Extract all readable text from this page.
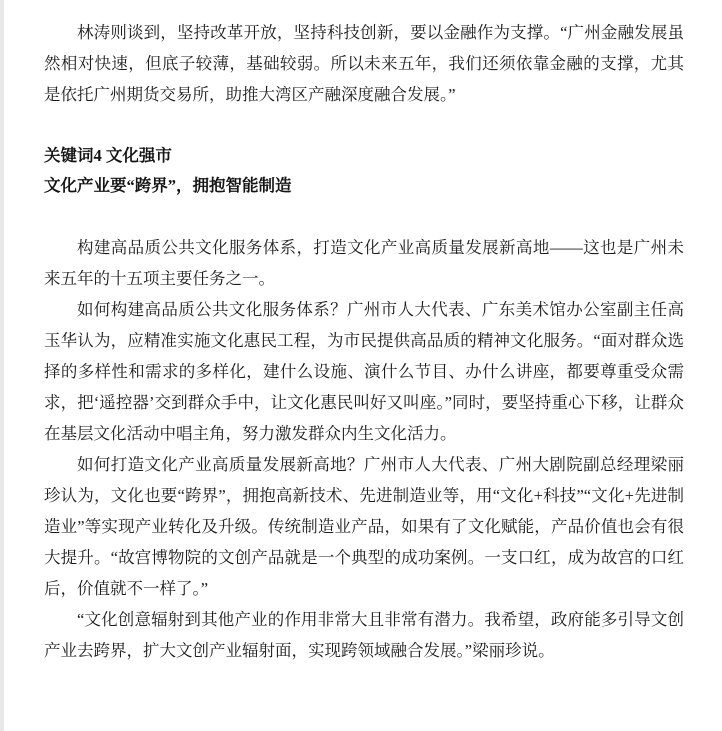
林涛则谈到，坚持改革开放，坚持科技创新，要以金融作为支撑。“广州金融发展虽然相对快速，但底子较薄，基础较弱。所以未来五年，我们还须依靠金融的支撑，尤其是依托广州期货交易所，助推大湾区产融深度融合发展。”

关键词4 文化强市

文化产业要“跨界”，拥抱智能制造

构建高品质公共文化服务体系，打造文化产业高质量发展新高地——这也是广州未来五年的十五项主要任务之一。

如何构建高品质公共文化服务体系？广州市人大代表、广东美术馆办公室副主任高玉华认为，应精准实施文化惠民工程，为市民提供高品质的精神文化服务。“面对群众选择的多样性和需求的多样化，建什么设施、演什么节目、办什么讲座，都要尊重受众需求，把‘遥控器’交到群众手中，让文化惠民叫好又叫座。”同时，要坚持重心下移，让群众在基层文化活动中唱主角，努力激发群众内生文化活力。

如何打造文化产业高质量发展新高地？广州市人大代表、广州大剧院副总经理梁丽珍认为，文化也要“跨界”，拥抱高新技术、先进制造业等，用“文化+科技”“文化+先进制造业”等实现产业转化及升级。传统制造业产品，如果有了文化赋能，产品价值也会有很大提升。“故宫博物院的文创产品就是一个典型的成功案例。一支口红，成为故宫的口红后，价值就不一样了。”

“文化创意辐射到其他产业的作用非常大且非常有潜力。我希望，政府能多引导文创产业去跨界，扩大文创产业辐射面，实现跨领域融合发展。”梁丽珍说。
